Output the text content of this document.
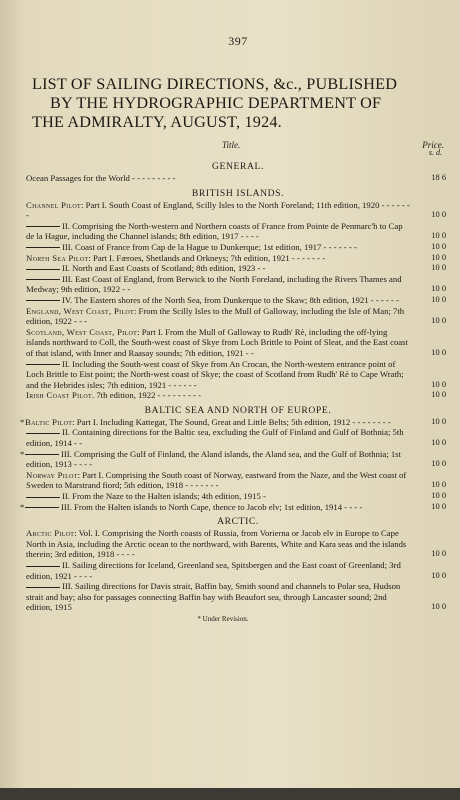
397
LIST OF SAILING DIRECTIONS, &c., PUBLISHED
BY THE HYDROGRAPHIC DEPARTMENT OF
THE ADMIRALTY, AUGUST, 1924.
Title.	Price.
s. d.
GENERAL.
Ocean Passages for the World - - - - - - - - -	18 6
BRITISH ISLANDS.
Channel Pilot: Part I. South Coast of England, Scilly Isles to the North Foreland; 11th edition, 1920 - - - - - - -	10 0
II. Comprising the North-western and Northern coasts of France from Pointe de Penmarc'h to Cap de la Hague, including the Channel islands; 8th edition, 1917 - - - -	10 0
III. Coast of France from Cap de la Hague to Dunkerque; 1st edition, 1917 - - - - - - -	10 0
North Sea Pilot: Part I. Færoes, Shetlands and Orkneys; 7th edition, 1921 - - - - - - -	10 0
II. North and East Coasts of Scotland; 8th edition, 1923 - -	10 0
III. East Coast of England, from Berwick to the North Foreland, including the Rivers Thames and Medway; 9th edition, 1922 - -	10 0
IV. The Eastern shores of the North Sea, from Dunkerque to the Skaw; 8th edition, 1921 - - - - - -	10 0
England, West Coast, Pilot: From the Scilly Isles to the Mull of Galloway, including the Isle of Man; 7th edition, 1922 - - -	10 0
Scotland, West Coast, Pilot: Part I. From the Mull of Galloway to Rudh' Rè, including the off-lying islands northward to Coll, the South-west coast of Skye from Loch Brittle to Point of Sleat, and the East coast of that island, with Inner and Raasay sounds; 7th edition, 1921 - -	10 0
II. Including the South-west coast of Skye from An Crocan, the North-western entrance point of Loch Brittle to Eist point; the North-west coast of Skye; the coast of Scotland from Rudh' Rè to Cape Wrath; and the Hebrides isles; 7th edition, 1921 - - - - - -	10 0
Irish Coast Pilot. 7th edition, 1922 - - - - - - - - -	10 0
BALTIC SEA AND NORTH OF EUROPE.
*Baltic Pilot: Part I. Including Kattegat, The Sound, Great and Little Belts; 5th edition, 1912 - - - - - - - -	10 0
II. Containing directions for the Baltic sea, excluding the Gulf of Finland and Gulf of Bothnia; 5th edition, 1914 - -	10 0
*	III. Comprising the Gulf of Finland, the Aland islands, the Aland sea, and the Gulf of Bothnia; 1st edition, 1913 - - - -	10 0
Norway Pilot: Part I. Comprising the South coast of Norway, eastward from the Naze, and the West coast of Sweden to Marstrand fiord; 5th edition, 1918 - - - - - - -	10 0
II. From the Naze to the Halten islands; 4th edition, 1915 -	10 0
*	III. From the Halten islands to North Cape, thence to Jacob elv; 1st edition, 1914 - - - -	10 0
ARCTIC.
Arctic Pilot: Vol. I. Comprising the North coasts of Russia, from Vorierna or Jacob elv in Europe to Cape North in Asia, including the Arctic ocean to the northward, with Barents, White and Kara seas and the islands therein; 3rd edition, 1918 - - - -	10 0
II. Sailing directions for Iceland, Greenland sea, Spitsbergen and the East coast of Greenland; 3rd edition, 1921 - - - -	10 0
III. Sailing directions for Davis strait, Baffin bay, Smith sound and channels to Polar sea, Hudson strait and bay; also for passages connecting Baffin bay with Beaufort sea, through Lancaster sound; 2nd edition, 1915	10 0
* Under Revision.
